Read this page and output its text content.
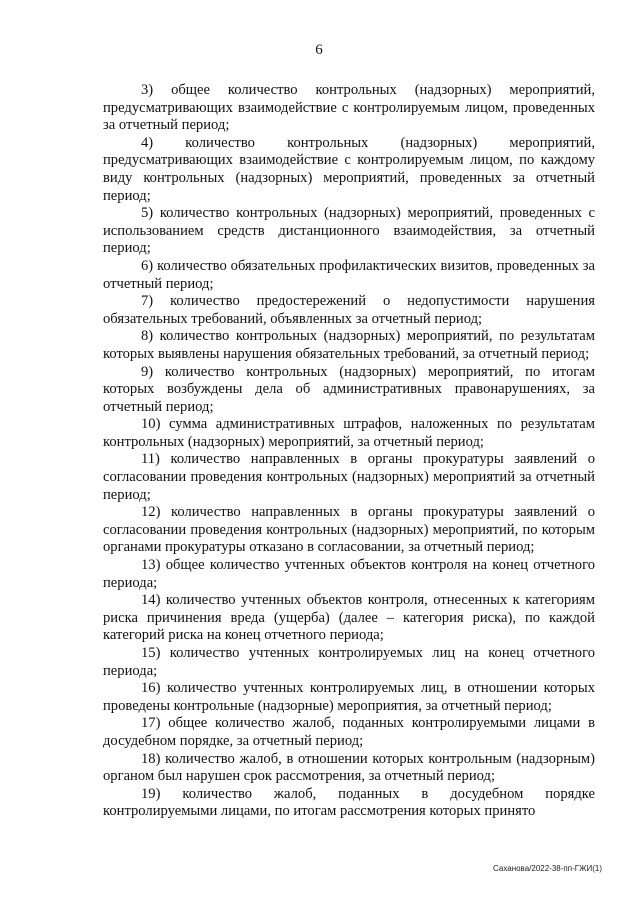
6

3) общее количество контрольных (надзорных) мероприятий, предусматривающих взаимодействие с контролируемым лицом, проведенных за отчетный период;

4) количество контрольных (надзорных) мероприятий, предусматривающих взаимодействие с контролируемым лицом, по каждому виду контрольных (надзорных) мероприятий, проведенных за отчетный период;

5) количество контрольных (надзорных) мероприятий, проведенных с использованием средств дистанционного взаимодействия, за отчетный период;

6) количество обязательных профилактических визитов, проведенных за отчетный период;

7) количество предостережений о недопустимости нарушения обязательных требований, объявленных за отчетный период;

8) количество контрольных (надзорных) мероприятий, по результатам которых выявлены нарушения обязательных требований, за отчетный период;

9) количество контрольных (надзорных) мероприятий, по итогам которых возбуждены дела об административных правонарушениях, за отчетный период;

10) сумма административных штрафов, наложенных по результатам контрольных (надзорных) мероприятий, за отчетный период;

11) количество направленных в органы прокуратуры заявлений о согласовании проведения контрольных (надзорных) мероприятий за отчетный период;

12) количество направленных в органы прокуратуры заявлений о согласовании проведения контрольных (надзорных) мероприятий, по которым органами прокуратуры отказано в согласовании, за отчетный период;

13) общее количество учтенных объектов контроля на конец отчетного периода;

14) количество учтенных объектов контроля, отнесенных к категориям риска причинения вреда (ущерба) (далее – категория риска), по каждой категорий риска на конец отчетного периода;

15) количество учтенных контролируемых лиц на конец отчетного периода;

16) количество учтенных контролируемых лиц, в отношении которых проведены контрольные (надзорные) мероприятия, за отчетный период;

17) общее количество жалоб, поданных контролируемыми лицами в досудебном порядке, за отчетный период;

18) количество жалоб, в отношении которых контрольным (надзорным) органом был нарушен срок рассмотрения, за отчетный период;

19) количество жалоб, поданных в досудебном порядке контролируемыми лицами, по итогам рассмотрения которых принято

Саханова/2022-38-пп-ГЖИ(1)
